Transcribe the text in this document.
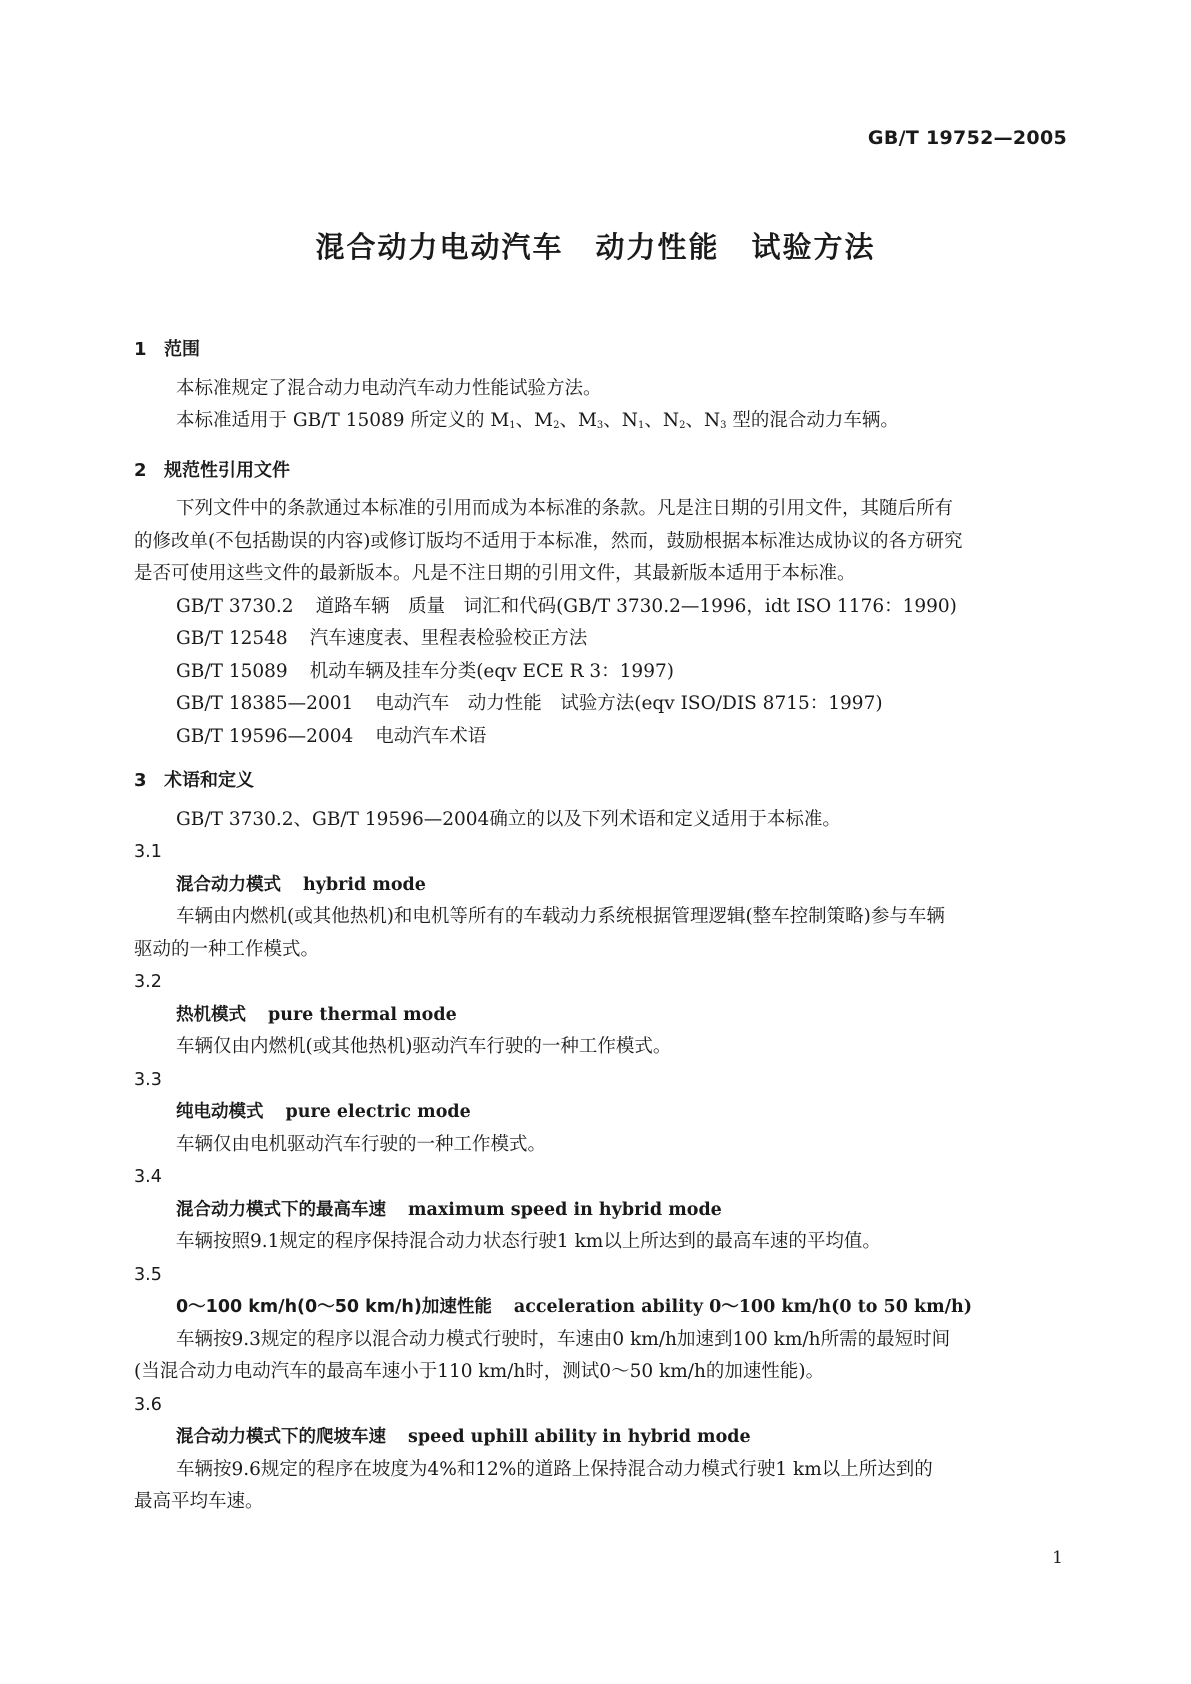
GB/T 19752—2005
混合动力电动汽车 动力性能 试验方法
1 范围
本标准规定了混合动力电动汽车动力性能试验方法。
本标准适用于 GB/T 15089 所定义的 $M_1$、$M_2$、$M_3$、$N_1$、$N_2$、$N_3$ 型的混合动力车辆。
2 规范性引用文件
下列文件中的条款通过本标准的引用而成为本标准的条款。凡是注日期的引用文件，其随后所有
的修改单(不包括勘误的内容)或修订版均不适用于本标准，然而，鼓励根据本标准达成协议的各方研究
是否可使用这些文件的最新版本。凡是不注日期的引用文件，其最新版本适用于本标准。
GB/T 3730.2 道路车辆　质量　词汇和代码(GB/T 3730.2—1996，idt ISO 1176：1990)
GB/T 12548 汽车速度表、里程表检验校正方法
GB/T 15089 机动车辆及挂车分类(eqv ECE R 3：1997)
GB/T 18385—2001 电动汽车　动力性能　试验方法(eqv ISO/DIS 8715：1997)
GB/T 19596—2004 电动汽车术语
3 术语和定义
GB/T 3730.2、GB/T 19596—2004确立的以及下列术语和定义适用于本标准。
3.1
混合动力模式 hybrid mode
车辆由内燃机(或其他热机)和电机等所有的车载动力系统根据管理逻辑(整车控制策略)参与车辆
驱动的一种工作模式。
3.2
热机模式 pure thermal mode
车辆仅由内燃机(或其他热机)驱动汽车行驶的一种工作模式。
3.3
纯电动模式 pure electric mode
车辆仅由电机驱动汽车行驶的一种工作模式。
3.4
混合动力模式下的最高车速 maximum speed in hybrid mode
车辆按照9.1规定的程序保持混合动力状态行驶1 km以上所达到的最高车速的平均值。
3.5
0～100 km/h(0～50 km/h)加速性能 acceleration ability 0～100 km/h(0 to 50 km/h)
车辆按9.3规定的程序以混合动力模式行驶时，车速由0 km/h加速到100 km/h所需的最短时间
(当混合动力电动汽车的最高车速小于110 km/h时，测试0～50 km/h的加速性能)。
3.6
混合动力模式下的爬坡车速 speed uphill ability in hybrid mode
车辆按9.6规定的程序在坡度为4%和12%的道路上保持混合动力模式行驶1 km以上所达到的
最高平均车速。
1
